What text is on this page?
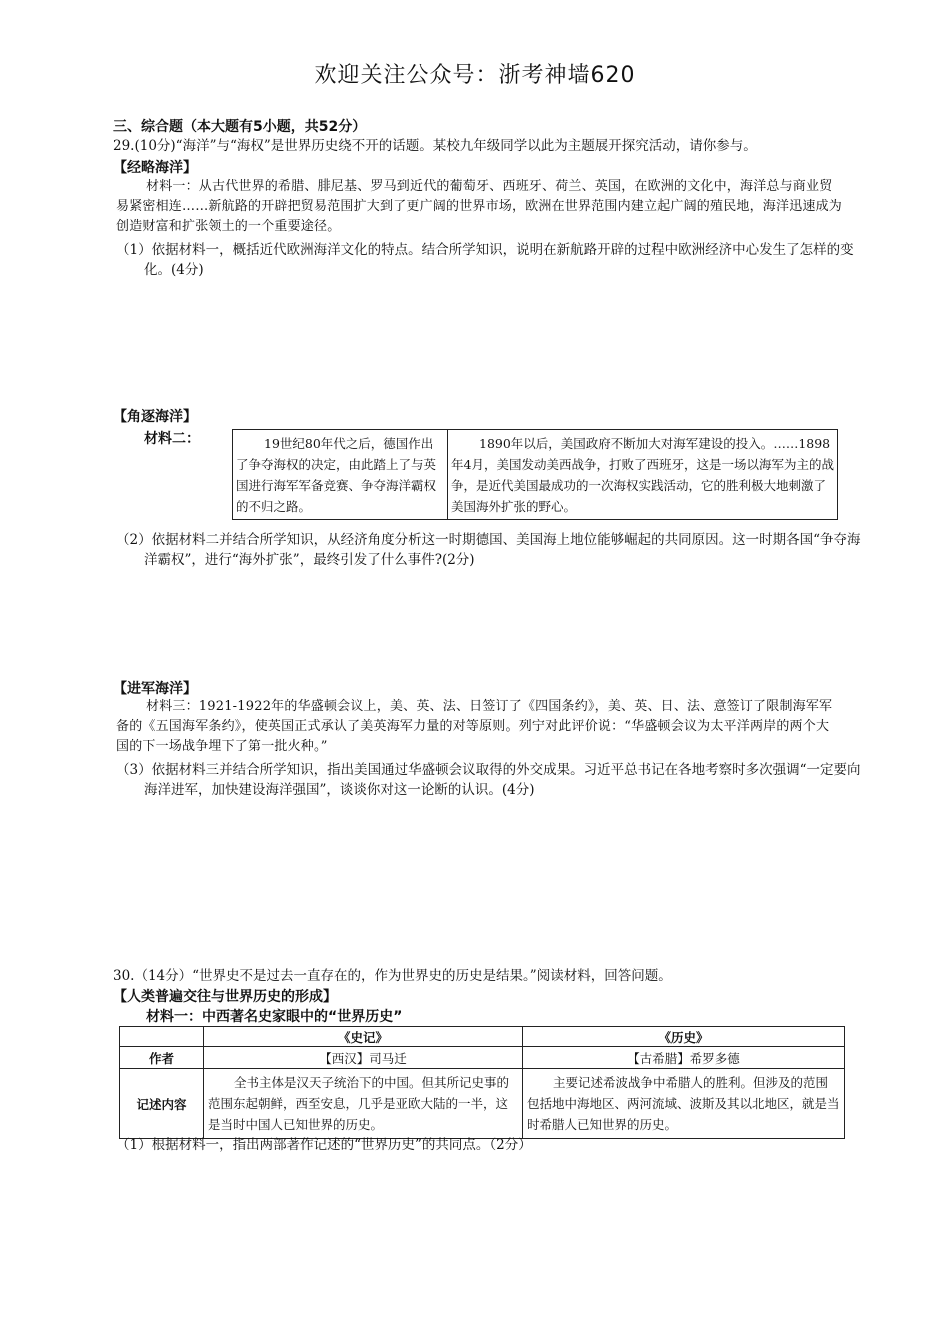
欢迎关注公众号：浙考神墙620
三、综合题（本大题有5小题，共52分）
29.(10分)“海洋”与“海权”是世界历史绕不开的话题。某校九年级同学以此为主题展开探究活动，请你参与。
【经略海洋】
材料一：从古代世界的希腊、腓尼基、罗马到近代的葡萄牙、西班牙、荷兰、英国，在欧洲的文化中，海洋总与商业贸易紧密相连……新航路的开辟把贸易范围扩大到了更广阔的世界市场，欧洲在世界范围内建立起广阔的殖民地，海洋迅速成为创造财富和扩张领土的一个重要途径。
（1）依据材料一，概括近代欧洲海洋文化的特点。结合所学知识，说明在新航路开辟的过程中欧洲经济中心发生了怎样的变化。(4分)
【角逐海洋】
材料二：	19世纪80年代之后，德国作出了争夺海权的决定，由此踏上了与英国进行海军军备竞赛、争夺海洋霸权的不归之路。
1890年以后，美国政府不断加大对海军建设的投入。……1898年4月，美国发动美西战争，打败了西班牙，这是一场以海军为主的战争，是近代美国最成功的一次海权实践活动，它的胜利极大地刺激了美国海外扩张的野心。
（2）依据材料二并结合所学知识，从经济角度分析这一时期德国、美国海上地位能够崛起的共同原因。这一时期各国“争夺海洋霸权”，进行“海外扩张”，最终引发了什么事件?(2分)
【进军海洋】
材料三：1921-1922年的华盛顿会议上，美、英、法、日签订了《四国条约》，美、英、日、法、意签订了限制海军军备的《五国海军条约》，使英国正式承认了美英海军力量的对等原则。列宁对此评价说：“华盛顿会议为太平洋两岸的两个大国的下一场战争埋下了第一批火种。”
（3）依据材料三并结合所学知识，指出美国通过华盛顿会议取得的外交成果。习近平总书记在各地考察时多次强调“一定要向海洋进军，加快建设海洋强国”，谈谈你对这一论断的认识。(4分)
30.（14分）“世界史不是过去一直存在的，作为世界史的历史是结果。”阅读材料，回答问题。
【人类普遍交往与世界历史的形成】
材料一：中西著名史家眼中的“世界历史”
	《史记》	《历史》
作者	【西汉】司马迁	【古希腊】希罗多德
记述内容	全书主体是汉天子统治下的中国。但其所记史事的范围东起朝鲜，西至安息，几乎是亚欧大陆的一半，这是当时中国人已知世界的历史。	主要记述希波战争中希腊人的胜利。但涉及的范围包括地中海地区、两河流域、波斯及其以北地区，就是当时希腊人已知世界的历史。
（1）根据材料一，指出两部著作记述的“世界历史”的共同点。（2分）
